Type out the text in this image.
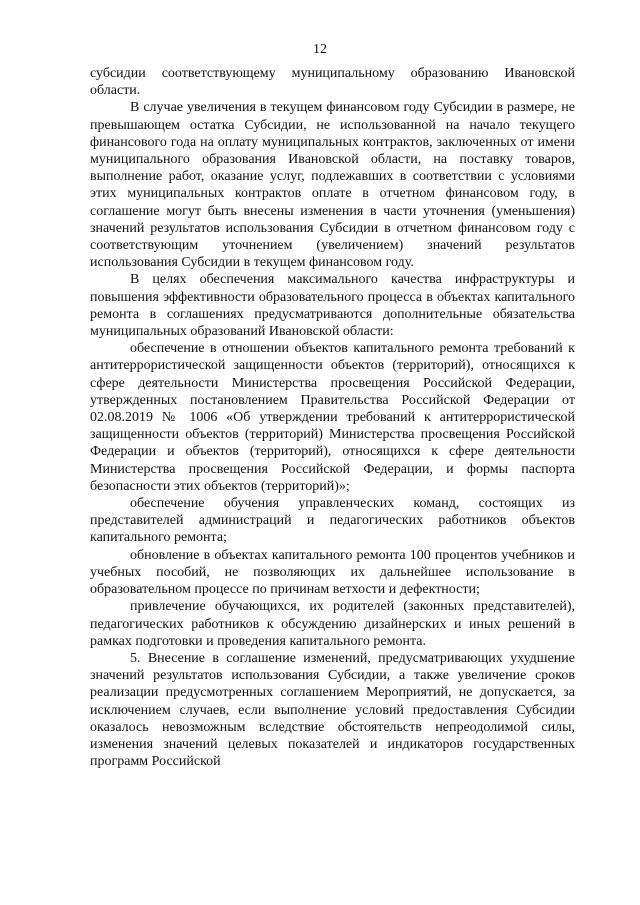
12

субсидии соответствующему муниципальному образованию Ивановской области.

В случае увеличения в текущем финансовом году Субсидии в размере, не превышающем остатка Субсидии, не использованной на начало текущего финансового года на оплату муниципальных контрактов, заключенных от имени муниципального образования Ивановской области, на поставку товаров, выполнение работ, оказание услуг, подлежавших в соответствии с условиями этих муниципальных контрактов оплате в отчетном финансовом году, в соглашение могут быть внесены изменения в части уточнения (уменьшения) значений результатов использования Субсидии в отчетном финансовом году с соответствующим уточнением (увеличением) значений результатов использования Субсидии в текущем финансовом году.

В целях обеспечения максимального качества инфраструктуры и повышения эффективности образовательного процесса в объектах капитального ремонта в соглашениях предусматриваются дополнительные обязательства муниципальных образований Ивановской области:

обеспечение в отношении объектов капитального ремонта требований к антитеррористической защищенности объектов (территорий), относящихся к сфере деятельности Министерства просвещения Российской Федерации, утвержденных постановлением Правительства Российской Федерации от 02.08.2019 № 1006 «Об утверждении требований к антитеррористической защищенности объектов (территорий) Министерства просвещения Российской Федерации и объектов (территорий), относящихся к сфере деятельности Министерства просвещения Российской Федерации, и формы паспорта безопасности этих объектов (территорий)»;

обеспечение обучения управленческих команд, состоящих из представителей администраций и педагогических работников объектов капитального ремонта;

обновление в объектах капитального ремонта 100 процентов учебников и учебных пособий, не позволяющих их дальнейшее использование в образовательном процессе по причинам ветхости и дефектности;

привлечение обучающихся, их родителей (законных представителей), педагогических работников к обсуждению дизайнерских и иных решений в рамках подготовки и проведения капитального ремонта.

5. Внесение в соглашение изменений, предусматривающих ухудшение значений результатов использования Субсидии, а также увеличение сроков реализации предусмотренных соглашением Мероприятий, не допускается, за исключением случаев, если выполнение условий предоставления Субсидии оказалось невозможным вследствие обстоятельств непреодолимой силы, изменения значений целевых показателей и индикаторов государственных программ Российской
